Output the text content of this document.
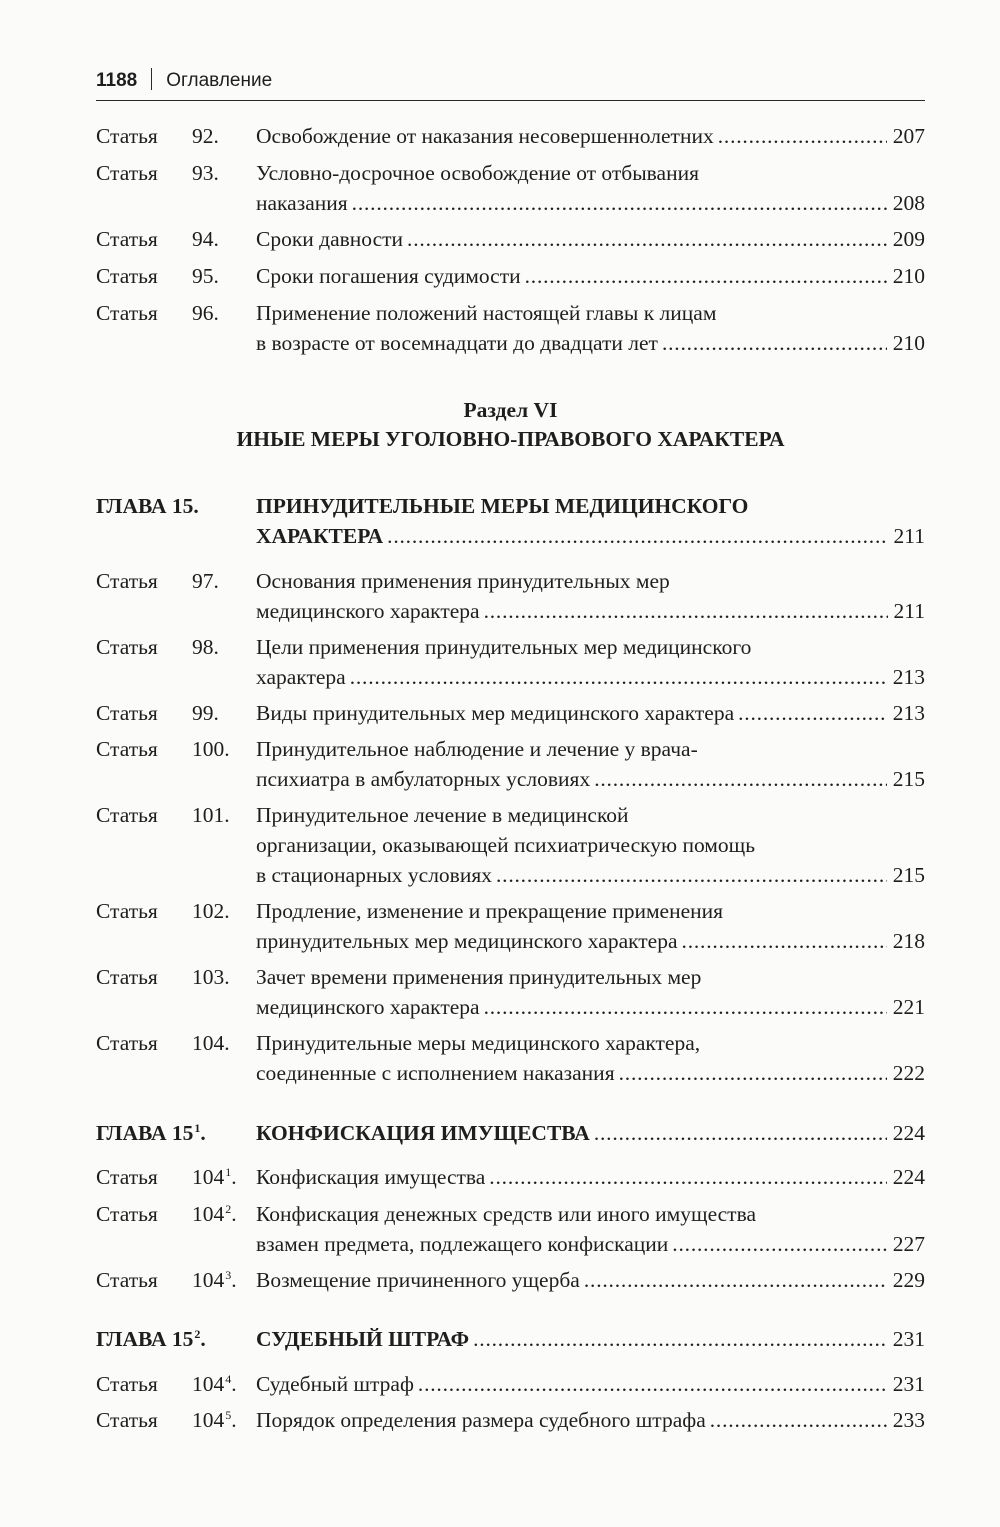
1188 Оглавление
Статья 92. Освобождение от наказания несовершеннолетних .....	207
Статья 93. Условно-досрочное освобождение от отбывания
наказания .....	208
Статья 94. Сроки давности .....	209
Статья 95. Сроки погашения судимости .....	210
Статья 96. Применение положений настоящей главы к лицам
в возрасте от восемнадцати до двадцати лет .....	210
Раздел VI
ИНЫЕ МЕРЫ УГОЛОВНО-ПРАВОВОГО ХАРАКТЕРА
ГЛАВА 15.	ПРИНУДИТЕЛЬНЫЕ МЕРЫ МЕДИЦИНСКОГО
ХАРАКТЕРА .....	211
Статья 97. Основания применения принудительных мер
медицинского характера .....	211
Статья 98. Цели применения принудительных мер медицинского
характера .....	213
Статья 99. Виды принудительных мер медицинского характера .....	213
Статья 100. Принудительное наблюдение и лечение у врача-
психиатра в амбулаторных условиях .....	215
Статья 101. Принудительное лечение в медицинской
организации, оказывающей психиатрическую помощь
в стационарных условиях .....	215
Статья 102. Продление, изменение и прекращение применения
принудительных мер медицинского характера .....	218
Статья 103. Зачет времени применения принудительных мер
медицинского характера .....	221
Статья 104. Принудительные меры медицинского характера,
соединенные с исполнением наказания .....	222
ГЛАВА $15^1$. КОНФИСКАЦИЯ ИМУЩЕСТВА .....	224
Статья $104^1$. Конфискация имущества .....	224
Статья $104^2$. Конфискация денежных средств или иного имущества
взамен предмета, подлежащего конфискации .....	227
Статья $104^3$. Возмещение причиненного ущерба .....	229
ГЛАВА $15^2$. СУДЕБНЫЙ ШТРАФ .....	231
Статья $104^4$. Судебный штраф .....	231
Статья $104^5$. Порядок определения размера судебного штрафа .....	233
